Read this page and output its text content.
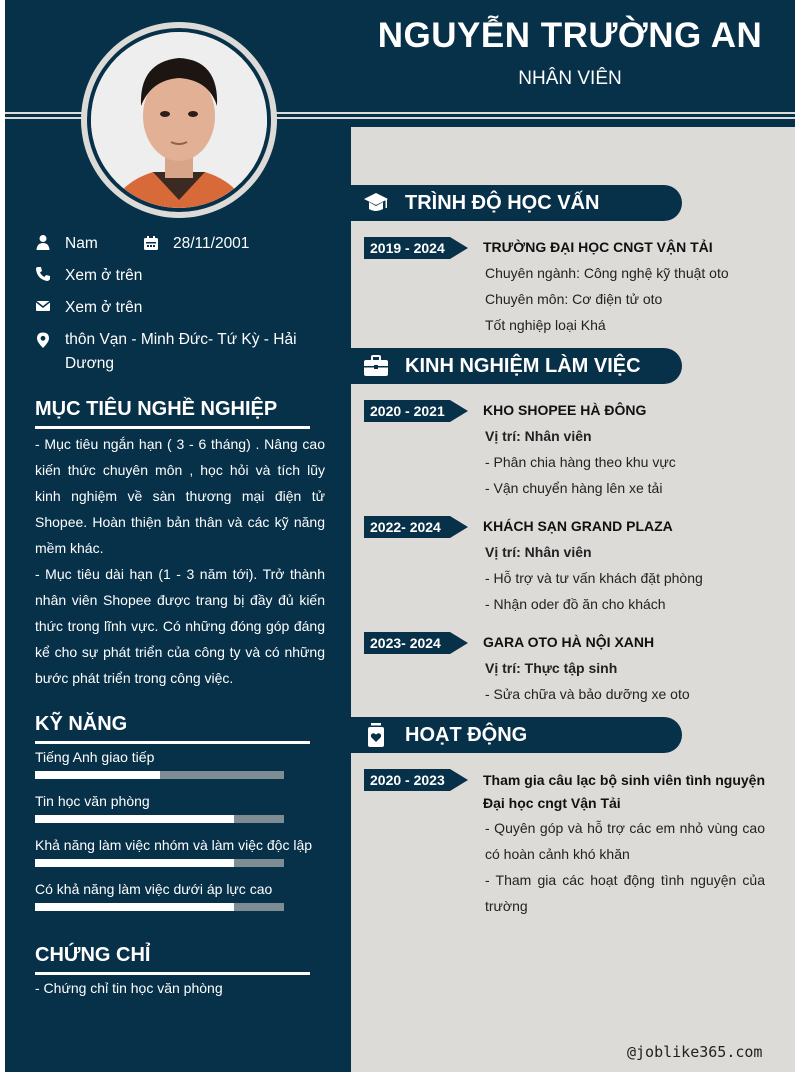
NGUYỄN TRƯỜNG AN
NHÂN VIÊN
Nam	28/11/2001
Xem ở trên
Xem ở trên
thôn Vạn - Minh Đức- Tứ Kỳ - Hải Dương
MỤC TIÊU NGHỀ NGHIỆP

- Mục tiêu ngắn hạn ( 3 - 6 tháng) . Nâng cao kiến thức chuyên môn , học hỏi và tích lũy kinh nghiệm về sàn thương mại điện tử Shopee. Hoàn thiện bản thân và các kỹ năng mềm khác.

- Mục tiêu dài hạn (1 - 3 năm tới). Trở thành nhân viên Shopee được trang bị đầy đủ kiến thức trong lĩnh vực. Có những đóng góp đáng kể cho sự phát triển của công ty và có những bước phát triển trong công việc.

KỸ NĂNG
Tiếng Anh giao tiếp
Tin học văn phòng
Khả năng làm việc nhóm và làm việc độc lập
Có khả năng làm việc dưới áp lực cao
CHỨNG CHỈ
- Chứng chỉ tin học văn phòng
TRÌNH ĐỘ HỌC VẤN
2019 - 2024	TRƯỜNG ĐẠI HỌC CNGT VẬN TẢI
Chuyên ngành: Công nghệ kỹ thuật oto
Chuyên môn: Cơ điện tử oto
Tốt nghiệp loại Khá
KINH NGHIỆM LÀM VIỆC
2020 - 2021	KHO SHOPEE HÀ ĐÔNG
Vị trí: Nhân viên
- Phân chia hàng theo khu vực
- Vận chuyển hàng lên xe tải
2022- 2024	KHÁCH SẠN GRAND PLAZA
Vị trí: Nhân viên
- Hỗ trợ và tư vấn khách đặt phòng
- Nhận oder đồ ăn cho khách
2023- 2024	GARA OTO HÀ NỘI XANH
Vị trí: Thực tập sinh
- Sửa chữa và bảo dưỡng xe oto
HOẠT ĐỘNG
2020 - 2023	Tham gia câu lạc bộ sinh viên tình nguyện Đại học cngt Vận Tải
- Quyên góp và hỗ trợ các em nhỏ vùng cao có hoàn cảnh khó khăn
- Tham gia các hoạt động tình nguyện của trường
@joblike365.com
